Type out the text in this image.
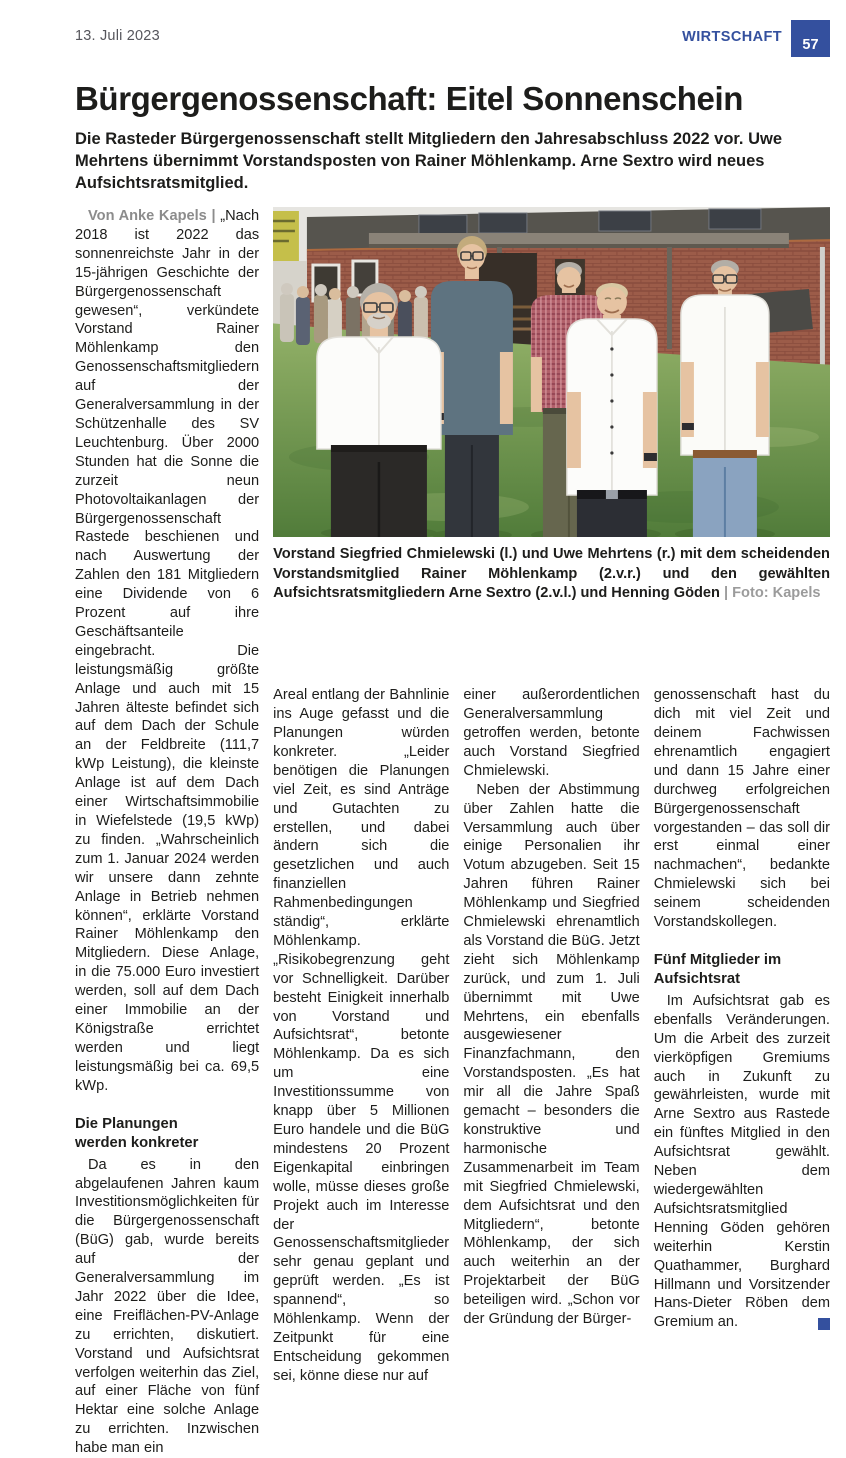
13. Juli 2023	WIRTSCHAFT	57
Bürgergenossenschaft: Eitel Sonnenschein

Die Rasteder Bürgergenossenschaft stellt Mitgliedern den Jahresabschluss 2022 vor. Uwe Mehrtens übernimmt Vorstandsposten von Rainer Möhlenkamp. Arne Sextro wird neues Aufsichtsratsmitglied.

Von Anke Kapels | „Nach 2018 ist 2022 das sonnenreichste Jahr in der 15-jährigen Geschichte der Bürgergenossenschaft gewesen“, verkündete Vorstand Rainer Möhlenkamp den Genossenschaftsmitgliedern auf der Generalversammlung in der Schützenhalle des SV Leuchtenburg. Über 2000 Stunden hat die Sonne die zurzeit neun Photovoltaikanlagen der Bürgergenossenschaft Rastede beschienen und nach Auswertung der Zahlen den 181 Mitgliedern eine Dividende von 6 Prozent auf ihre Geschäftsanteile eingebracht. Die leistungsmäßig größte Anlage und auch mit 15 Jahren älteste befindet sich auf dem Dach der Schule an der Feldbreite (111,7 kWp Leistung), die kleinste Anlage ist auf dem Dach einer Wirtschaftsimmobilie in Wiefelstede (19,5 kWp) zu finden. „Wahrscheinlich zum 1. Januar 2024 werden wir unsere dann zehnte Anlage in Betrieb nehmen können“, erklärte Vorstand Rainer Möhlenkamp den Mitgliedern. Diese Anlage, in die 75.000 Euro investiert werden, soll auf dem Dach einer Immobilie an der Königstraße errichtet werden und liegt leistungsmäßig bei ca. 69,5 kWp.

Die Planungen
werden konkreter

Da es in den abgelaufenen Jahren kaum Investitionsmöglichkeiten für die Bürgergenossenschaft (BüG) gab, wurde bereits auf der Generalversammlung im Jahr 2022 über die Idee, eine Freiflächen-PV-Anlage zu errichten, diskutiert. Vorstand und Aufsichtsrat verfolgen weiterhin das Ziel, auf einer Fläche von fünf Hektar eine solche Anlage zu errichten. Inzwischen habe man ein

Vorstand Siegfried Chmielewski (l.) und Uwe Mehrtens (r.) mit dem scheidenden Vorstandsmitglied Rainer Möhlenkamp (2.v.r.) und den gewählten Aufsichtsratsmitgliedern Arne Sextro (2.v.l.) und Henning Göden | Foto: Kapels

Areal entlang der Bahnlinie ins Auge gefasst und die Planungen würden konkreter. „Leider benötigen die Planungen viel Zeit, es sind Anträge und Gutachten zu erstellen, und dabei ändern sich die gesetzlichen und auch finanziellen Rahmenbedingungen ständig“, erklärte Möhlenkamp. „Risikobegrenzung geht vor Schnelligkeit. Darüber besteht Einigkeit innerhalb von Vorstand und Aufsichtsrat“, betonte Möhlenkamp. Da es sich um eine Investitionssumme von knapp über 5 Millionen Euro handele und die BüG mindestens 20 Prozent Eigenkapital einbringen wolle, müsse dieses große Projekt auch im Interesse der Genossenschaftsmitglieder sehr genau geplant und geprüft werden. „Es ist spannend“, so Möhlenkamp. Wenn der Zeitpunkt für eine Entscheidung gekommen sei, könne diese nur auf

einer außerordentlichen Generalversammlung getroffen werden, betonte auch Vorstand Siegfried Chmielewski.

Neben der Abstimmung über Zahlen hatte die Versammlung auch über einige Personalien ihr Votum abzugeben. Seit 15 Jahren führen Rainer Möhlenkamp und Siegfried Chmielewski ehrenamtlich als Vorstand die BüG. Jetzt zieht sich Möhlenkamp zurück, und zum 1. Juli übernimmt mit Uwe Mehrtens, ein ebenfalls ausgewiesener Finanzfachmann, den Vorstandsposten. „Es hat mir all die Jahre Spaß gemacht – besonders die konstruktive und harmonische Zusammenarbeit im Team mit Siegfried Chmielewski, dem Aufsichtsrat und den Mitgliedern“, betonte Möhlenkamp, der sich auch weiterhin an der Projektarbeit der BüG beteiligen wird. „Schon vor der Gründung der Bürger-

genossenschaft hast du dich mit viel Zeit und deinem Fachwissen ehrenamtlich engagiert und dann 15 Jahre einer durchweg erfolgreichen Bürgergenossenschaft vorgestanden – das soll dir erst einmal einer nachmachen“, bedankte Chmielewski sich bei seinem scheidenden Vorstandskollegen.

Fünf Mitglieder im
Aufsichtsrat

Im Aufsichtsrat gab es ebenfalls Veränderungen. Um die Arbeit des zurzeit vierköpfigen Gremiums auch in Zukunft zu gewährleisten, wurde mit Arne Sextro aus Rastede ein fünftes Mitglied in den Aufsichtsrat gewählt. Neben dem wiedergewählten Aufsichtsratsmitglied Henning Göden gehören weiterhin Kerstin Quathammer, Burghard Hillmann und Vorsitzender Hans-Dieter Röben dem Gremium an.
